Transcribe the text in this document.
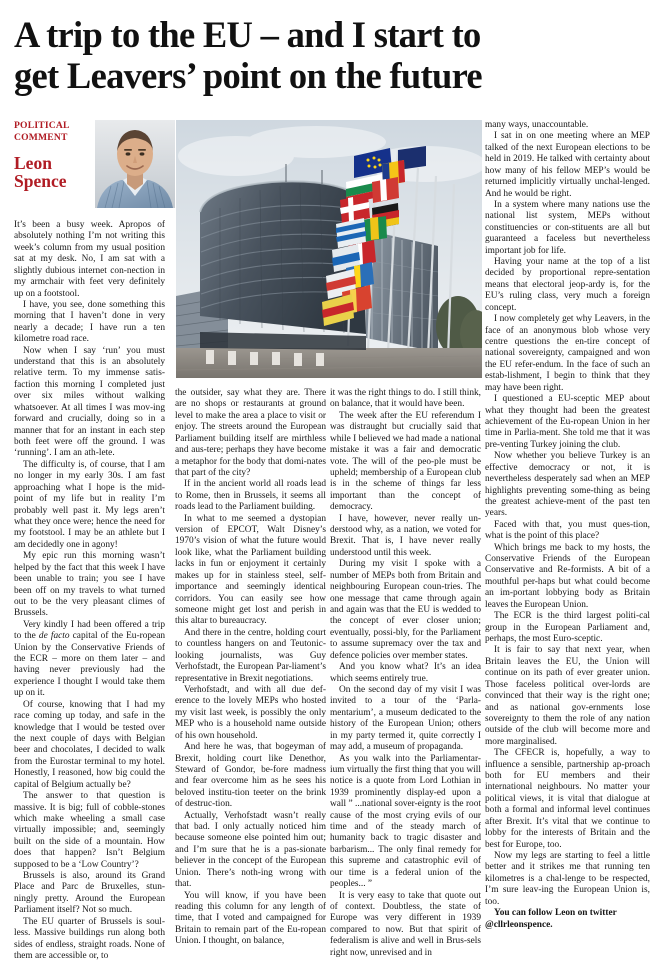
A trip to the EU – and I start to
get Leavers’ point on the future
POLITICAL
COMMENT
Leon
Spence

It’s been a busy week. Apropos of absolutely nothing I’m not writing this week’s column from my usual position sat at my desk. No, I am sat with a slightly dubious internet con-nection in my armchair with feet very definitely up on a footstool.

I have, you see, done something this morning that I haven’t done in very nearly a decade; I have run a ten kilometre road race.

Now when I say ‘run’ you must understand that this is an absolutely relative term. To my immense satis-faction this morning I completed just over six miles without walking whatsoever. At all times I was mov-ing forward and crucially, doing so in a manner that for an instant in each step both feet were off the ground. I was ‘running’. I am an ath-lete.

The difficulty is, of course, that I am no longer in my early 30s. I am fast approaching what I hope is the mid-point of my life but in reality I’m probably well past it. My legs aren’t what they once were; hence the need for my footstool. I may be an athlete but I am decidedly one in agony!

My epic run this morning wasn’t helped by the fact that this week I have been unable to train; you see I have been off on my travels to what turned out to be the very pleasant climes of Brussels.

Very kindly I had been offered a trip to the de facto capital of the Eu-ropean Union by the Conservative Friends of the ECR – more on them later – and having never previously had the experience I thought I would take them up on it.

Of course, knowing that I had my race coming up today, and safe in the knowledge that I would be tested over the next couple of days with Belgian beer and chocolates, I decided to walk from the Eurostar terminal to my hotel. Honestly, I reasoned, how big could the capital of Belgium actually be?

The answer to that question is massive. It is big; full of cobble-stones which make wheeling a small case virtually impossible; and, seemingly built on the side of a mountain. How does that happen? Isn’t Belgium supposed to be a ‘Low Country’?

Brussels is also, around its Grand Place and Parc de Bruxelles, stun-ningly pretty. Around the European Parliament itself? Not so much.

The EU quarter of Brussels is soul-less. Massive buildings run along both sides of endless, straight roads. None of them are accessible or, to

the outsider, say what they are. There are no shops or restaurants at ground level to make the area a place to visit or enjoy. The streets around the European Parliament building itself are mirthless and aus-tere; perhaps they have become a metaphor for the body that domi-nates that part of the city?

If in the ancient world all roads lead to Rome, then in Brussels, it seems all roads lead to the Parliament building.

In what to me seemed a dystopian version of EPCOT, Walt Disney’s 1970’s vision of what the future would look like, what the Parliament building lacks in fun or enjoyment it certainly makes up for in stainless steel, self-importance and seemingly identical corridors. You can easily see how someone might get lost and perish in this altar to bureaucracy.

And there in the centre, holding court to countless hangers on and Teutonic-looking journalists, was Guy Verhofstadt, the European Par-liament’s representative in Brexit negotiations.

Verhofstadt, and with all due def-erence to the lovely MEPs who hosted my visit last week, is possibly the only MEP who is a household name outside of his own household.

And here he was, that bogeyman of Brexit, holding court like Denethor, Steward of Gondor, be-fore madness and fear overcome him as he sees his beloved institu-tion teeter on the brink of destruc-tion.

Actually, Verhofstadt wasn’t really that bad. I only actually noticed him because someone else pointed him out; and I’m sure that he is a pas-sionate believer in the concept of the European Union. There’s noth-ing wrong with that.

You will know, if you have been reading this column for any length of time, that I voted and campaigned for Britain to remain part of the Eu-ropean Union. I thought, on balance,

it was the right things to do. I still think, on balance, that it would have been.

The week after the EU referendum I was distraught but crucially said that while I believed we had made a national mistake it was a fair and democratic vote. The will of the peo-ple must be upheld; membership of a European club is in the scheme of things far less important than the concept of democracy.

I have, however, never really un-derstood why, as a nation, we voted for Brexit. That is, I have never really understood until this week.

During my visit I spoke with a number of MEPs both from Britain and neighbouring European coun-tries. The one message that came through again and again was that the EU is wedded to the concept of ever closer union; eventually, possi-bly, for the Parliament to assume supremacy over the tax and defence policies over member states.

And you know what? It’s an idea which seems entirely true.

On the second day of my visit I was invited to a tour of the ‘Parla-mentarium’, a museum dedicated to the history of the European Union; others in my party termed it, quite correctly I may add, a museum of propaganda.

As you walk into the Parliamentar-ium virtually the first thing that you will notice is a quote from Lord Lothian in 1939 prominently display-ed upon a wall ” ...national sover-eignty is the root cause of the most crying evils of our time and of the steady march of humanity back to tragic disaster and barbarism... The only final remedy for this supreme and catastrophic evil of our time is a federal union of the peoples... ”

It is very easy to take that quote out of context. Doubtless, the state of Europe was very different in 1939 compared to now. But that spirit of federalism is alive and well in Brus-sels right now, unrevised and in

many ways, unaccountable.

I sat in on one meeting where an MEP talked of the next European elections to be held in 2019. He talked with certainty about how many of his fellow MEP’s would be returned implicitly virtually unchal-lenged. And he would be right.

In a system where many nations use the national list system, MEPs without constituencies or con-stituents are all but guaranteed a faceless but nevertheless important job for life.

Having your name at the top of a list decided by proportional repre-sentation means that electoral jeop-ardy is, for the EU’s ruling class, very much a foreign concept.

I now completely get why Leavers, in the face of an anonymous blob whose very centre questions the en-tire concept of national sovereignty, campaigned and won the EU refer-endum. In the face of such an estab-lishment, I begin to think that they may have been right.

I questioned a EU-sceptic MEP about what they thought had been the greatest achievement of the Eu-ropean Union in her time in Parlia-ment. She told me that it was pre-venting Turkey joining the club.

Now whether you believe Turkey is an effective democracy or not, it is nevertheless desperately sad when an MEP highlights preventing some-thing as being the greatest achieve-ment of the past ten years.

Faced with that, you must ques-tion, what is the point of this place?

Which brings me back to my hosts, the Conservative Friends of the European Conservative and Re-formists. A bit of a mouthful per-haps but what could become an im-portant lobbying body as Britain leaves the European Union.

The ECR is the third largest politi-cal group in the European Parliament and, perhaps, the most Euro-sceptic.

It is fair to say that next year, when Britain leaves the EU, the Union will continue on its path of ever greater union. Those faceless political over-lords are convinced that their way is the right one; and as national gov-ernments lose sovereignty to them the role of any nation outside of the club will become more and more marginalised.

The CFECR is, hopefully, a way to influence a sensible, partnership ap-proach both for EU members and their international neighbours. No matter your political views, it is vital that dialogue at both a formal and informal level continues after Brexit. It’s vital that we continue to lobby for the interests of Britain and the best for Europe, too.

Now my legs are starting to feel a little better and it strikes me that running ten kilometres is a chal-lenge to be respected, I’m sure leav-ing the European Union is, too.

You can follow Leon on twitter @cllrleonspence.
